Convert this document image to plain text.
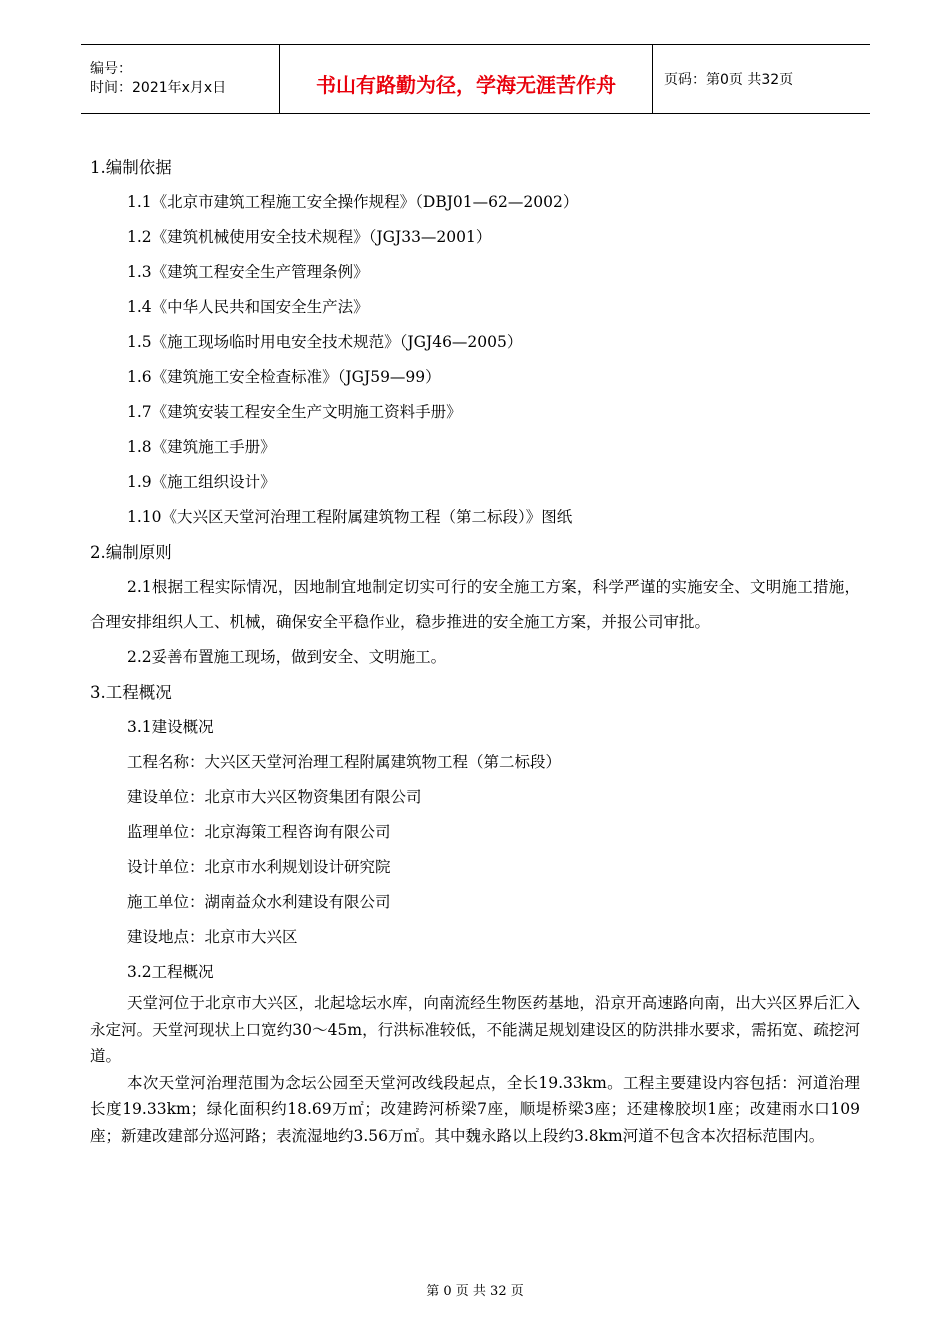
编号：
时间：2021年x月x日	书山有路勤为径，学海无涯苦作舟	页码：第0页 共32页

1.编制依据

1.1《北京市建筑工程施工安全操作规程》（DBJ01—62—2002）

1.2《建筑机械使用安全技术规程》（JGJ33—2001）

1.3《建筑工程安全生产管理条例》

1.4《中华人民共和国安全生产法》

1.5《施工现场临时用电安全技术规范》（JGJ46—2005）

1.6《建筑施工安全检查标准》（JGJ59—99）

1.7《建筑安装工程安全生产文明施工资料手册》

1.8《建筑施工手册》

1.9《施工组织设计》

1.10《大兴区天堂河治理工程附属建筑物工程（第二标段）》图纸

2.编制原则

2.1根据工程实际情况，因地制宜地制定切实可行的安全施工方案，科学严谨的实施安全、文明施工措施，合理安排组织人工、机械，确保安全平稳作业，稳步推进的安全施工方案，并报公司审批。

2.2妥善布置施工现场，做到安全、文明施工。

3.工程概况

3.1建设概况

工程名称：大兴区天堂河治理工程附属建筑物工程（第二标段）

建设单位：北京市大兴区物资集团有限公司

监理单位：北京海策工程咨询有限公司

设计单位：北京市水利规划设计研究院

施工单位：湖南益众水利建设有限公司

建设地点：北京市大兴区

3.2工程概况

天堂河位于北京市大兴区，北起埝坛水库，向南流经生物医药基地，沿京开高速路向南，出大兴区界后汇入永定河。天堂河现状上口宽约30～45m，行洪标准较低，不能满足规划建设区的防洪排水要求，需拓宽、疏挖河道。

本次天堂河治理范围为念坛公园至天堂河改线段起点，全长19.33km。工程主要建设内容包括：河道治理长度19.33km；绿化面积约18.69万㎡；改建跨河桥梁7座，顺堤桥梁3座；还建橡胶坝1座；改建雨水口109座；新建改建部分巡河路；表流湿地约3.56万㎡。其中魏永路以上段约3.8km河道不包含本次招标范围内。

第 0 页 共 32 页
